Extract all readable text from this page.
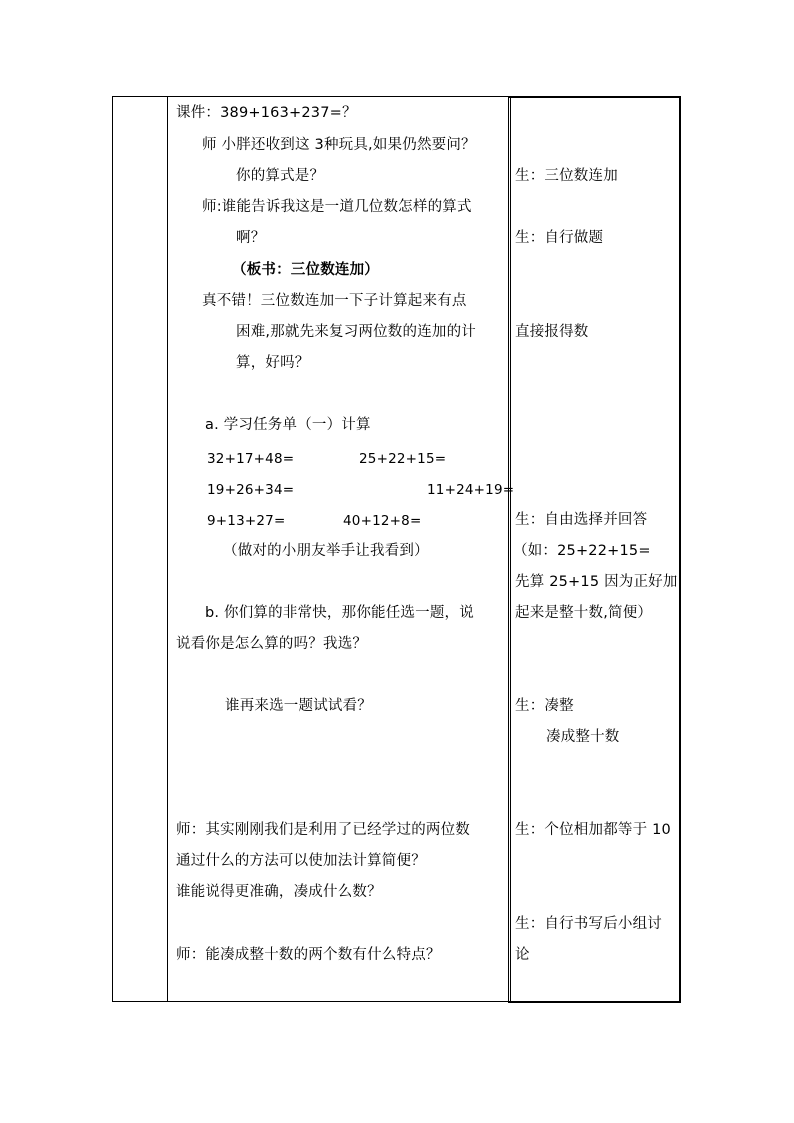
课件：389+163+237=？
师 小胖还收到这 3种玩具,如果仍然要问？
你的算式是？
师:谁能告诉我这是一道几位数怎样的算式
啊？
（板书：三位数连加）
真不错！三位数连加一下子计算起来有点
困难,那就先来复习两位数的连加的计
算，好吗？
a. 学习任务单（一）计算
32+17+48=	25+22+15=
19+26+34=	11+24+19=
9+13+27=	40+12+8=
（做对的小朋友举手让我看到）
b. 你们算的非常快，那你能任选一题，说
说看你是怎么算的吗？我选？
谁再来选一题试试看？
师：其实刚刚我们是利用了已经学过的两位数
通过什么的方法可以使加法计算简便？
谁能说得更准确，凑成什么数？
师：能凑成整十数的两个数有什么特点？
生：三位数连加
生：自行做题
直接报得数
生：自由选择并回答
（如：25+22+15=
先算 25+15 因为正好加
起来是整十数,简便）
生：凑整
凑成整十数
生：个位相加都等于 10
生：自行书写后小组讨
论
